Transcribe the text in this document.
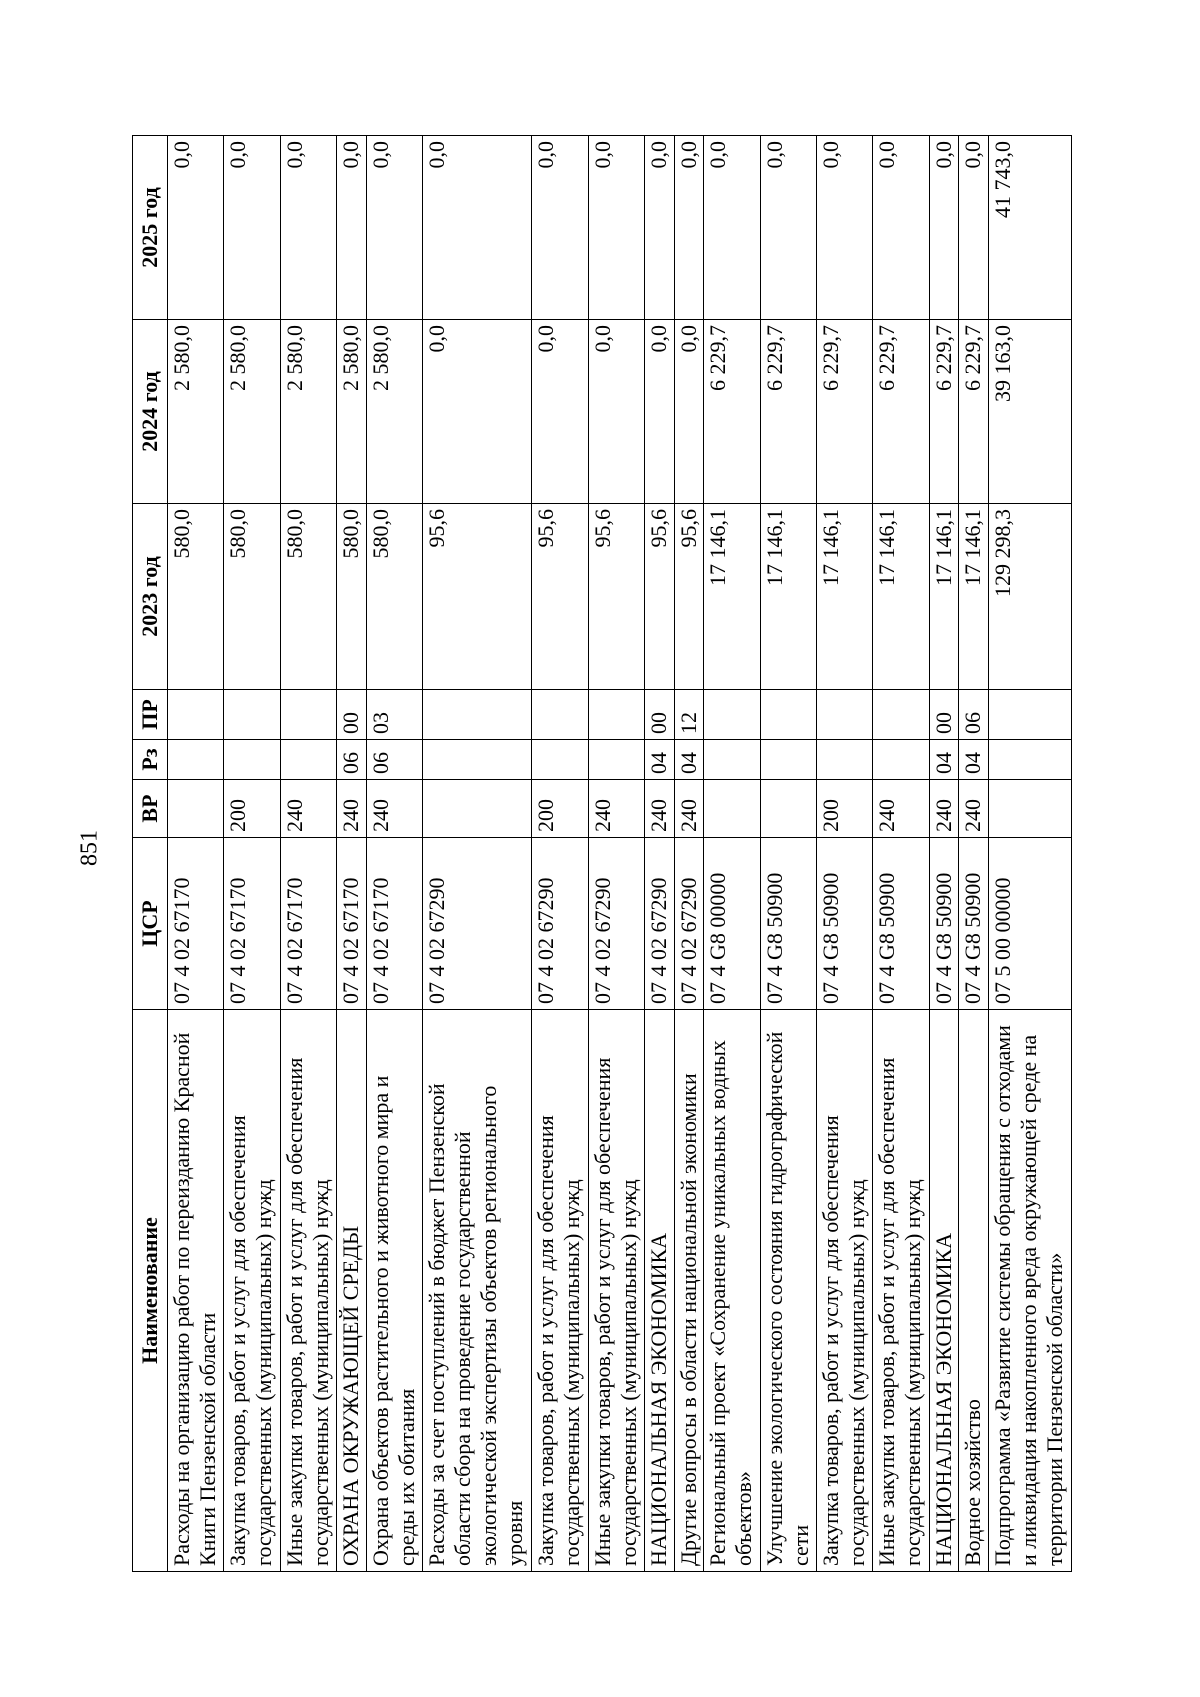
851
Наименование	ЦСР	ВР	Рз	ПР	2023 год	2024 год	2025 год
Расходы на организацию работ по переизданию Красной Книги Пензенской области	07 4 02 67170				580,0	2 580,0	0,0
Закупка товаров, работ и услуг для обеспечения государственных (муниципальных) нужд	07 4 02 67170	200			580,0	2 580,0	0,0
Иные закупки товаров, работ и услуг для обеспечения государственных (муниципальных) нужд	07 4 02 67170	240			580,0	2 580,0	0,0
ОХРАНА ОКРУЖАЮЩЕЙ СРЕДЫ	07 4 02 67170	240	06	00	580,0	2 580,0	0,0
Охрана объектов растительного и животного мира и среды их обитания	07 4 02 67170	240	06	03	580,0	2 580,0	0,0
Расходы за счет поступлений в бюджет Пензенской области сбора на проведение государственной экологической экспертизы объектов регионального уровня	07 4 02 67290				95,6	0,0	0,0
Закупка товаров, работ и услуг для обеспечения государственных (муниципальных) нужд	07 4 02 67290	200			95,6	0,0	0,0
Иные закупки товаров, работ и услуг для обеспечения государственных (муниципальных) нужд	07 4 02 67290	240			95,6	0,0	0,0
НАЦИОНАЛЬНАЯ ЭКОНОМИКА	07 4 02 67290	240	04	00	95,6	0,0	0,0
Другие вопросы в области национальной экономики	07 4 02 67290	240	04	12	95,6	0,0	0,0
Региональный проект «Сохранение уникальных водных объектов»	07 4 G8 00000				17 146,1	6 229,7	0,0
Улучшение экологического состояния гидрографической сети	07 4 G8 50900				17 146,1	6 229,7	0,0
Закупка товаров, работ и услуг для обеспечения государственных (муниципальных) нужд	07 4 G8 50900	200			17 146,1	6 229,7	0,0
Иные закупки товаров, работ и услуг для обеспечения государственных (муниципальных) нужд	07 4 G8 50900	240			17 146,1	6 229,7	0,0
НАЦИОНАЛЬНАЯ ЭКОНОМИКА	07 4 G8 50900	240	04	00	17 146,1	6 229,7	0,0
Водное хозяйство	07 4 G8 50900	240	04	06	17 146,1	6 229,7	0,0
Подпрограмма «Развитие системы обращения с отходами и ликвидация накопленного вреда окружающей среде на территории Пензенской области»	07 5 00 00000				129 298,3	39 163,0	41 743,0
